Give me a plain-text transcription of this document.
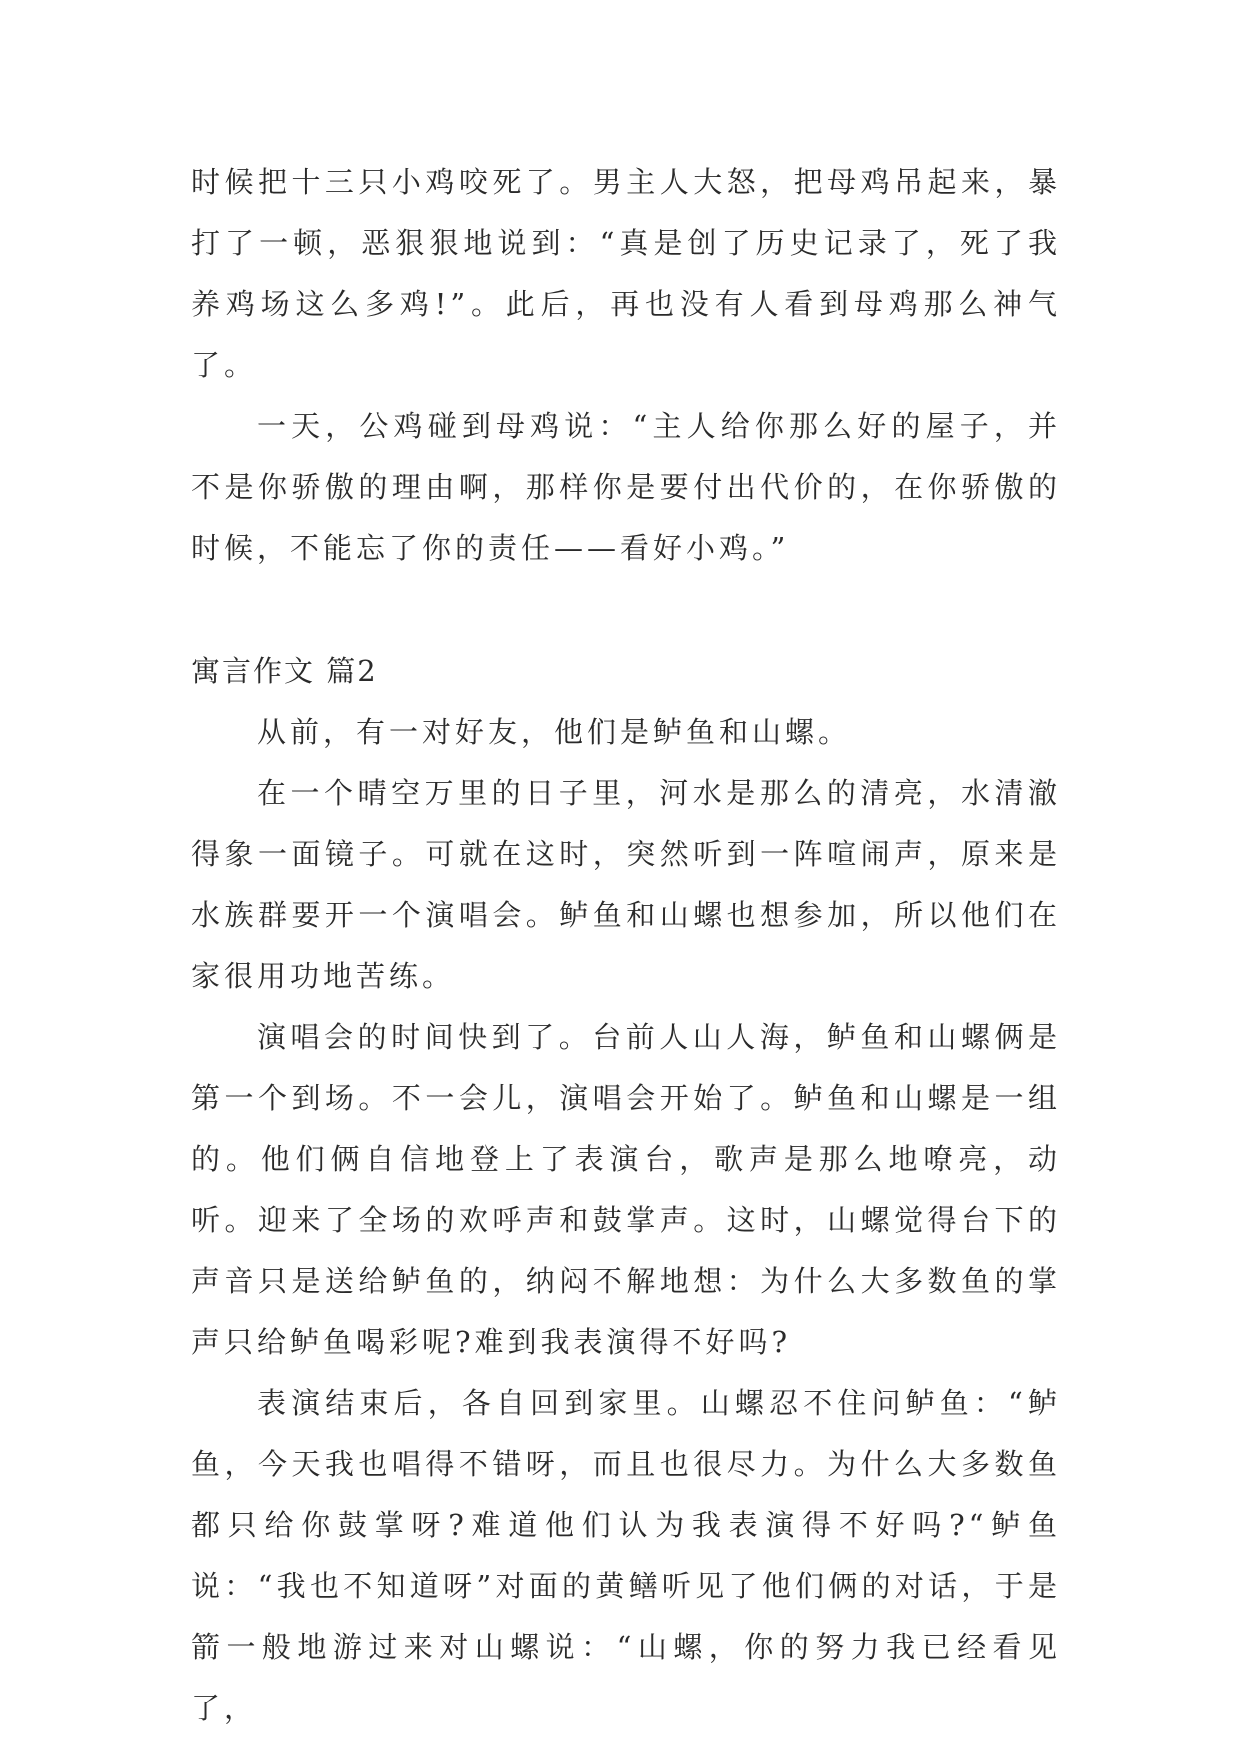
时候把十三只小鸡咬死了。男主人大怒，把母鸡吊起来，暴打了一顿，恶狠狠地说到：“真是创了历史记录了，死了我养鸡场这么多鸡!”。此后，再也没有人看到母鸡那么神气了。

一天，公鸡碰到母鸡说：“主人给你那么好的屋子，并不是你骄傲的理由啊，那样你是要付出代价的，在你骄傲的时候，不能忘了你的责任——看好小鸡。”

寓言作文 篇2

从前，有一对好友，他们是鲈鱼和山螺。

在一个晴空万里的日子里，河水是那么的清亮，水清澈得象一面镜子。可就在这时，突然听到一阵喧闹声，原来是水族群要开一个演唱会。鲈鱼和山螺也想参加，所以他们在家很用功地苦练。

演唱会的时间快到了。台前人山人海，鲈鱼和山螺俩是第一个到场。不一会儿，演唱会开始了。鲈鱼和山螺是一组的。他们俩自信地登上了表演台，歌声是那么地嘹亮，动听。迎来了全场的欢呼声和鼓掌声。这时，山螺觉得台下的声音只是送给鲈鱼的，纳闷不解地想：为什么大多数鱼的掌声只给鲈鱼喝彩呢?难到我表演得不好吗?

表演结束后，各自回到家里。山螺忍不住问鲈鱼：“鲈鱼，今天我也唱得不错呀，而且也很尽力。为什么大多数鱼都只给你鼓掌呀?难道他们认为我表演得不好吗?“鲈鱼说：“我也不知道呀”对面的黄鳝听见了他们俩的对话，于是箭一般地游过来对山螺说：“山螺，你的努力我已经看见了，
